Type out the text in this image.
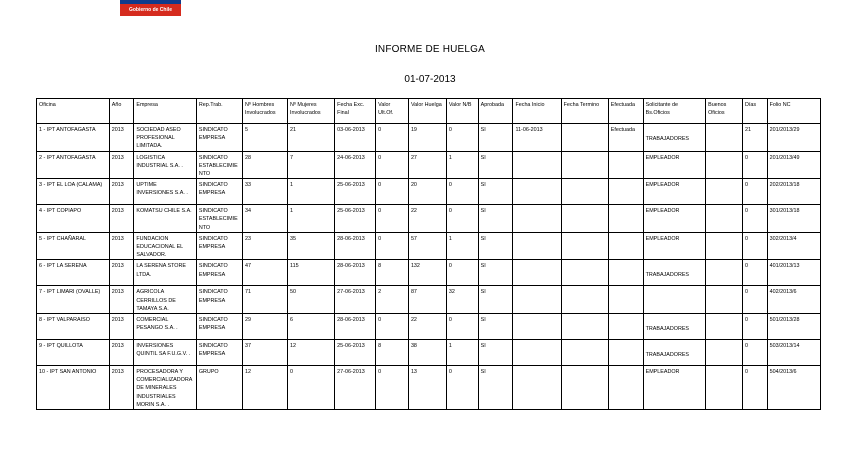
Gobierno de Chile
INFORME DE HUELGA
01-07-2013
Oficina	Año	Empresa	Rep.Trab.	Nº Hombres Involucrados	Nº Mujeres Involucrados	Fecha Exc. Final	Valor Ult.Of.	Valor Huelga	Valor N/B	Aprobada	Fecha Inicio	Fecha Termino	Efectuada	Solicitante de Bs.Oficios	Buenos Oficios	Días	Folio NC
1 - IPT ANTOFAGASTA	2013	SOCIEDAD ASEO PROFESIONAL LIMITADA.	SINDICATO EMPRESA	5	21	03-06-2013	0	19	0	SI	11-06-2013		Efectuada	TRABAJADORES		21	201/2013/29
2 - IPT ANTOFAGASTA	2013	LOGISTICA INDUSTRIAL S.A. .	SINDICATO ESTABLECIMIENTO	28	7	24-06-2013	0	27	1	SI				EMPLEADOR		0	201/2013/49
3 - IPT EL LOA (CALAMA)	2013	UPTIME INVERSIONES S.A. .	SINDICATO EMPRESA	33	1	25-06-2013	0	20	0	SI				EMPLEADOR		0	202/2013/18
4 - IPT COPIAPO	2013	KOMATSU CHILE S.A.	SINDICATO ESTABLECIMIENTO	34	1	25-06-2013	0	22	0	SI				EMPLEADOR		0	301/2013/18
5 - IPT CHAÑARAL	2013	FUNDACION EDUCACIONAL EL SALVADOR.	SINDICATO EMPRESA	23	35	28-06-2013	0	57	1	SI				EMPLEADOR		0	302/2013/4
6 - IPT LA SERENA	2013	LA SERENA STORE LTDA.	SINDICATO EMPRESA	47	115	28-06-2013	8	132	0	SI				TRABAJADORES		0	401/2013/13
7 - IPT LIMARI (OVALLE)	2013	AGRICOLA CERRILLOS DE TAMAYA S.A.	SINDICATO EMPRESA	71	50	27-06-2013	2	87	32	SI						0	402/2013/6
8 - IPT VALPARAISO	2013	COMERCIAL PESANGO S.A. .	SINDICATO EMPRESA	29	6	28-06-2013	0	22	0	SI				TRABAJADORES		0	501/2013/28
9 - IPT QUILLOTA	2013	INVERSIONES QUINTIL SA F.U.G.V. .	SINDICATO EMPRESA	37	12	25-06-2013	8	38	1	SI				TRABAJADORES		0	503/2013/14
10 - IPT SAN ANTONIO	2013	PROCESADORA Y COMERCIALIZADORA DE MINERALES INDUSTRIALES MORIN S.A. .	GRUPO	12	0	27-06-2013	0	13	0	SI				EMPLEADOR		0	504/2013/6
